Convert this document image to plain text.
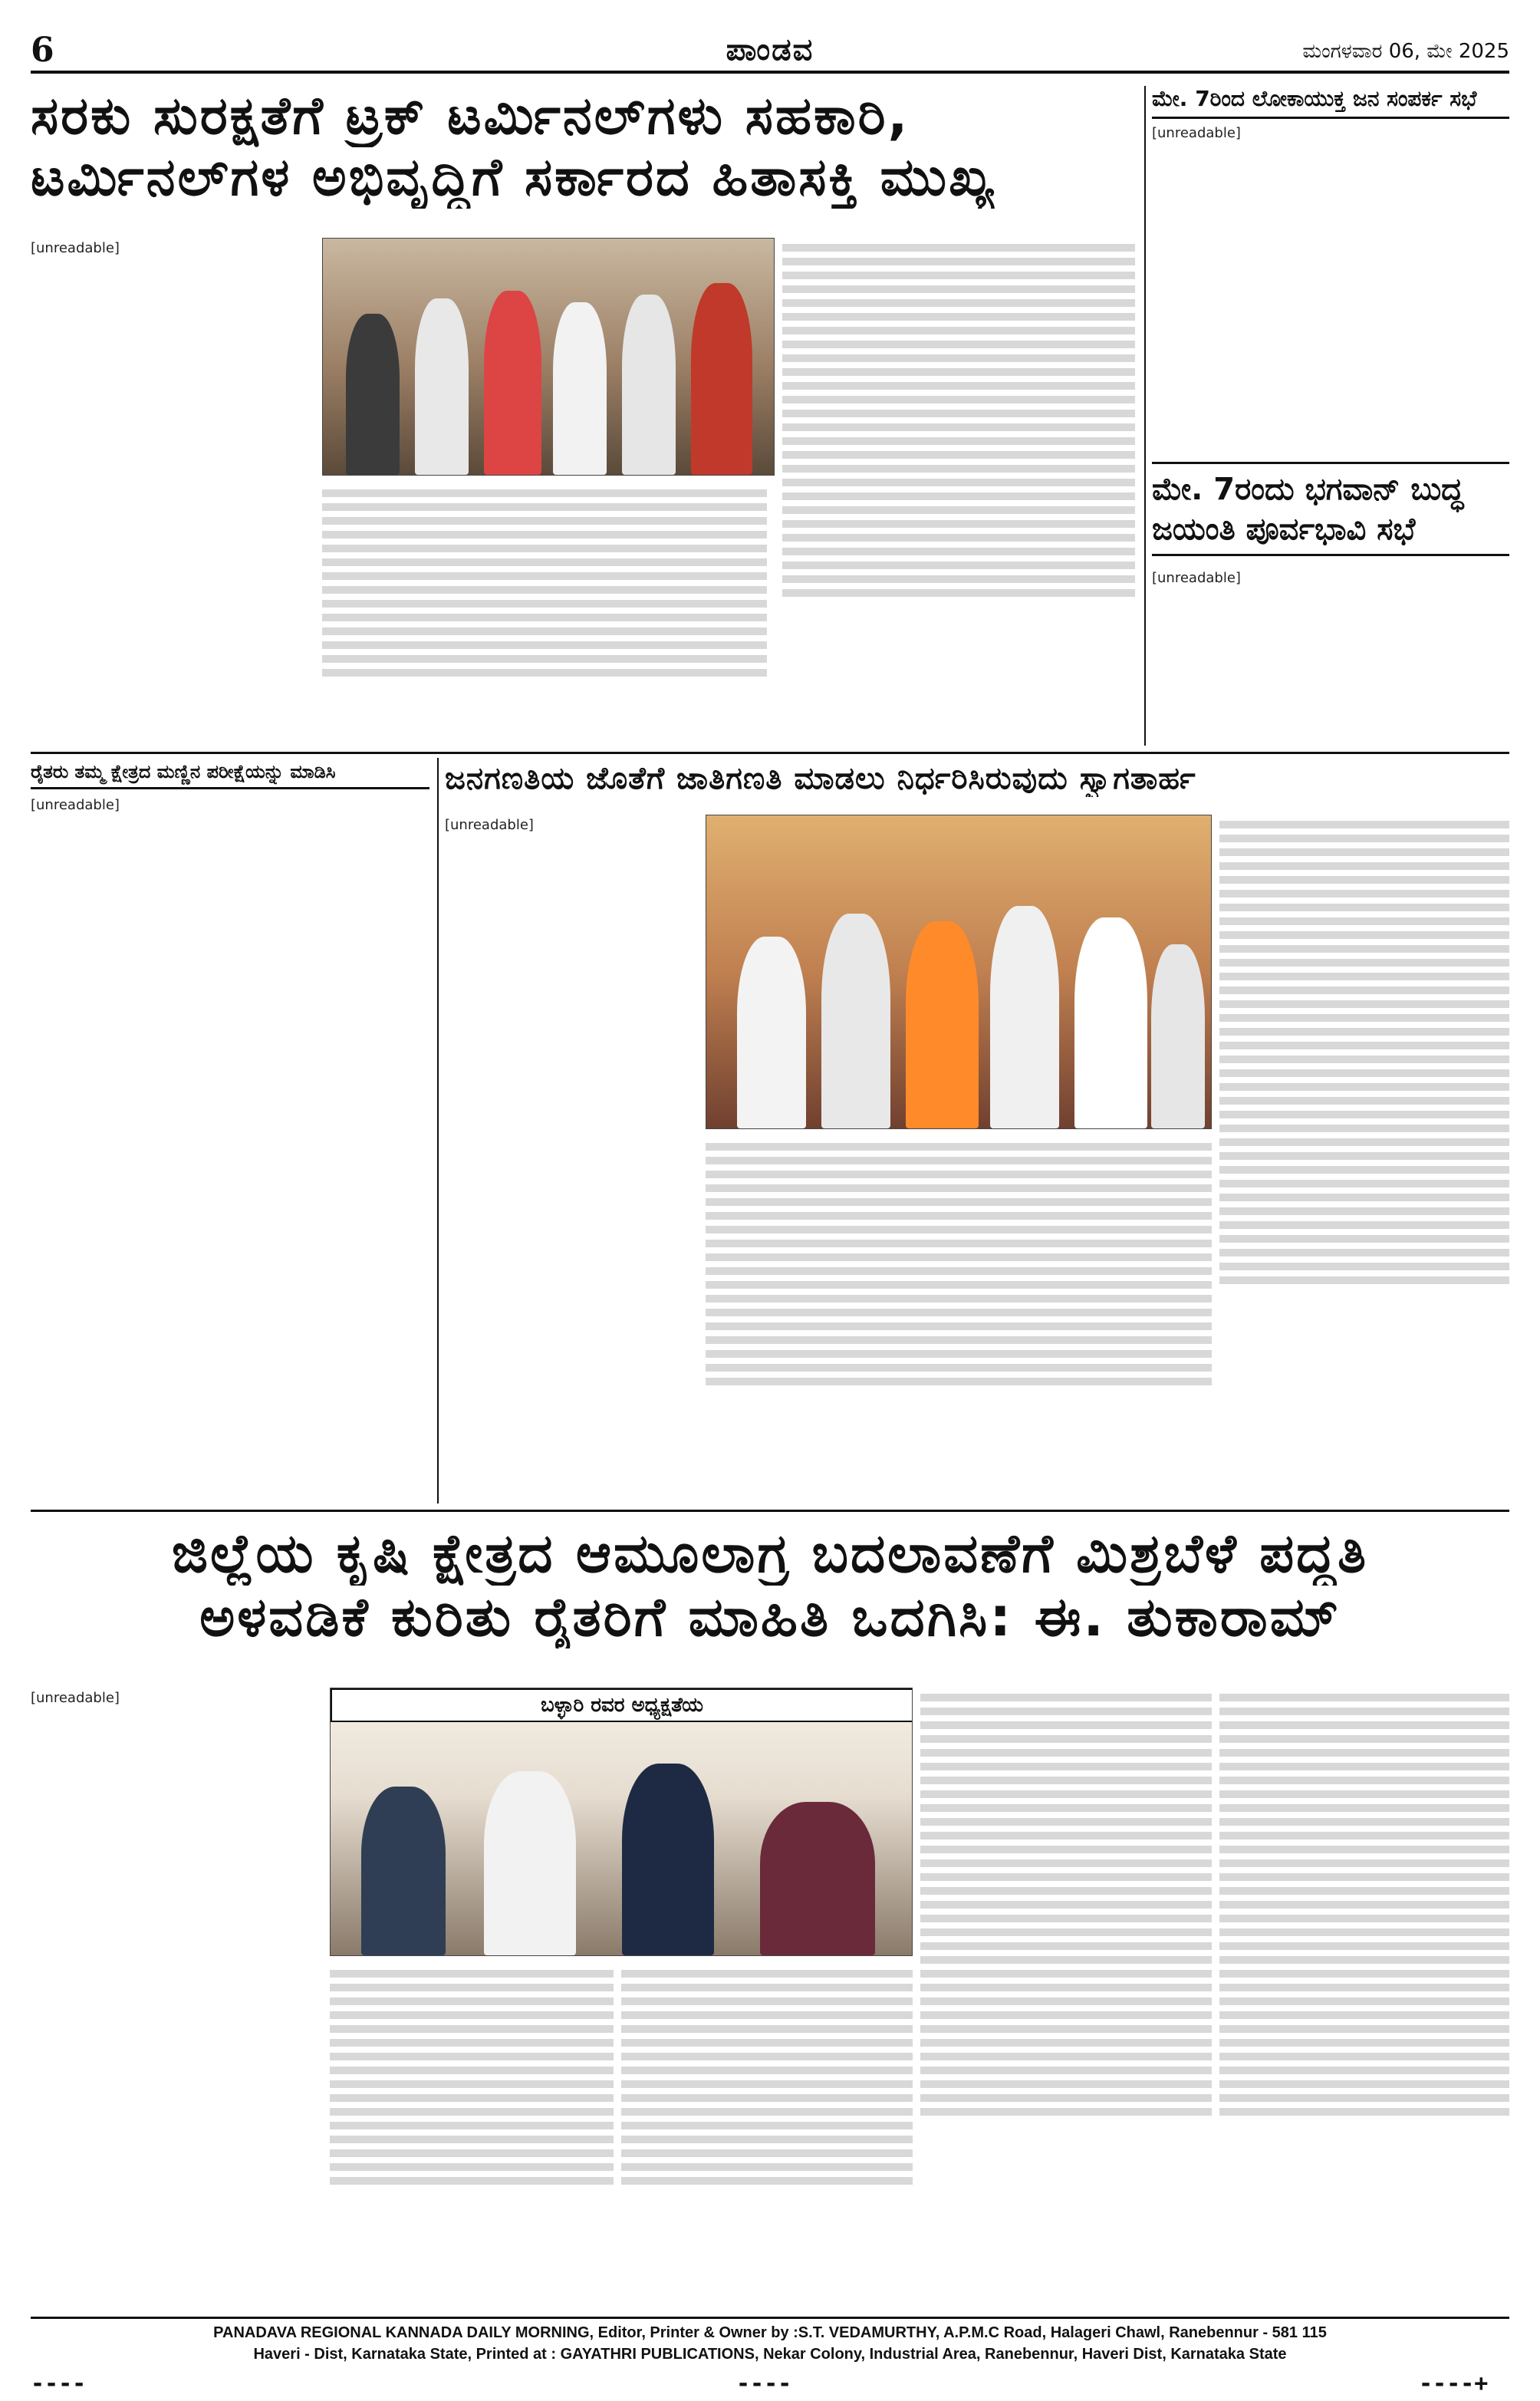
6	ಪಾಂಡವ	ಮಂಗಳವಾರ 06, ಮೇ 2025
ಸರಕು ಸುರಕ್ಷತೆಗೆ ಟ್ರಕ್ ಟರ್ಮಿನಲ್‌ಗಳು ಸಹಕಾರಿ,
ಟರ್ಮಿನಲ್‌ಗಳ ಅಭಿವೃದ್ಧಿಗೆ ಸರ್ಕಾರದ ಹಿತಾಸಕ್ತಿ ಮುಖ್ಯ
[unreadable]
ಮೇ. 7ರಿಂದ ಲೋಕಾಯುಕ್ತ ಜನ ಸಂಪರ್ಕ ಸಭೆ
[unreadable]
ಮೇ. 7ರಂದು ಭಗವಾನ್ ಬುದ್ಧ ಜಯಂತಿ ಪೂರ್ವಭಾವಿ ಸಭೆ
[unreadable]
ರೈತರು ತಮ್ಮ ಕ್ಷೇತ್ರದ ಮಣ್ಣಿನ ಪರೀಕ್ಷೆಯನ್ನು ಮಾಡಿಸಿ
[unreadable]
ಜನಗಣತಿಯ ಜೊತೆಗೆ ಜಾತಿಗಣತಿ ಮಾಡಲು ನಿರ್ಧರಿಸಿರುವುದು ಸ್ವಾಗತಾರ್ಹ
[unreadable]
ಜಿಲ್ಲೆಯ ಕೃಷಿ ಕ್ಷೇತ್ರದ ಆಮೂಲಾಗ್ರ ಬದಲಾವಣೆಗೆ ಮಿಶ್ರಬೆಳೆ ಪದ್ಧತಿ
ಅಳವಡಿಕೆ ಕುರಿತು ರೈತರಿಗೆ ಮಾಹಿತಿ ಒದಗಿಸಿ: ಈ. ತುಕಾರಾಮ್
[unreadable]	ಬಳ್ಳಾರಿ ರವರ ಅಧ್ಯಕ್ಷತೆಯ
PANADAVA REGIONAL KANNADA DAILY MORNING, Editor, Printer & Owner by :S.T. VEDAMURTHY, A.P.M.C Road, Halageri Chawl, Ranebennur - 581 115
Haveri - Dist, Karnataka State, Printed at : GAYATHRI PUBLICATIONS, Nekar Colony, Industrial Area, Ranebennur, Haveri Dist, Karnataka State
----	----	----+
